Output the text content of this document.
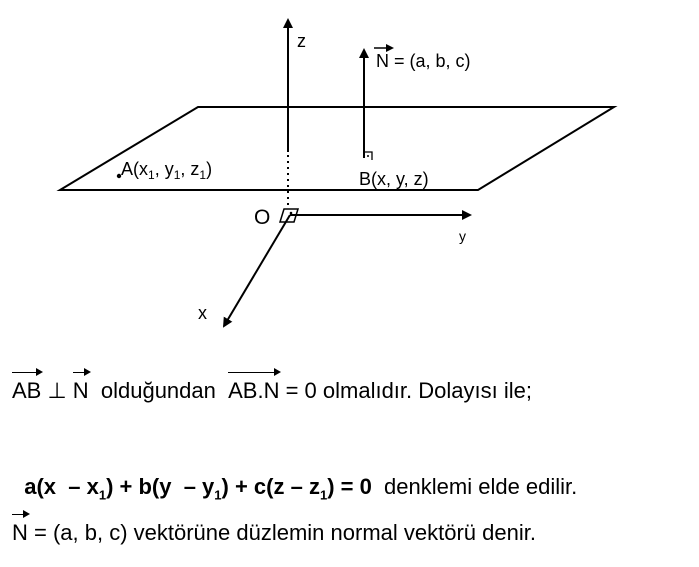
z
y
x
O
N = (a, b, c)
$A(x_1$, $y_1$, $z_1$)	B(x, y, z)
AB ⊥ N  olduğundan  AB.N = 0 olmalıdır. Dolayısı ile;

$a(x - x_1) + b(y - y_1) + c(z - z_1) = 0$  denklemi elde edilir.

N = (a, b, c) vektörüne düzlemin normal vektörü denir.
